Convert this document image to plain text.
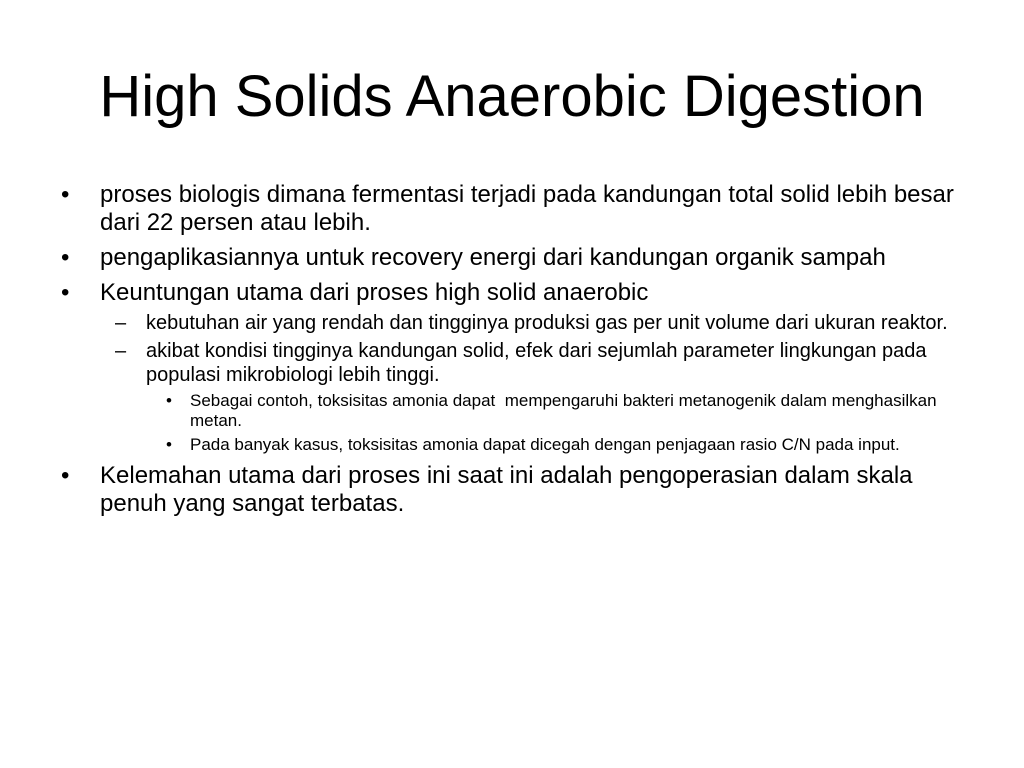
High Solids Anaerobic Digestion
• proses biologis dimana fermentasi terjadi pada kandungan total solid lebih besar dari 22 persen atau lebih.
• pengaplikasiannya untuk recovery energi dari kandungan organik sampah
• Keuntungan utama dari proses high solid anaerobic
– kebutuhan air yang rendah dan tingginya produksi gas per unit volume dari ukuran reaktor.
– akibat kondisi tingginya kandungan solid, efek dari sejumlah parameter lingkungan pada populasi mikrobiologi lebih tinggi.
• Sebagai contoh, toksisitas amonia dapat  mempengaruhi bakteri metanogenik dalam menghasilkan metan.
• Pada banyak kasus, toksisitas amonia dapat dicegah dengan penjagaan rasio C/N pada input.
• Kelemahan utama dari proses ini saat ini adalah pengoperasian dalam skala penuh yang sangat terbatas.
